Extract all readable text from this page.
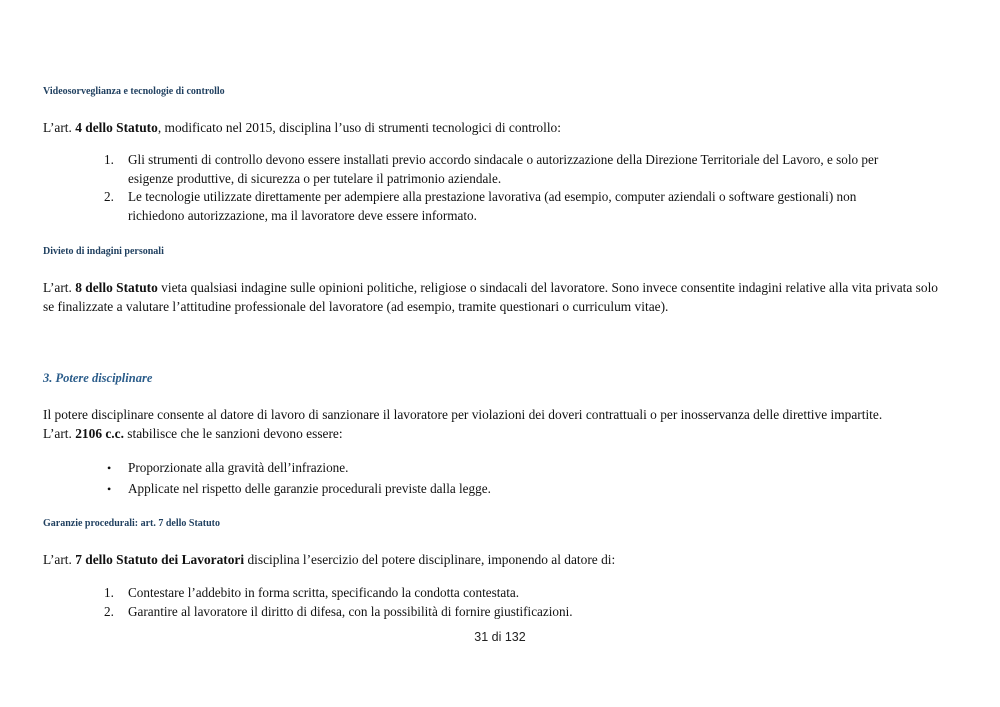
Videosorveglianza e tecnologie di controllo
L’art. 4 dello Statuto, modificato nel 2015, disciplina l’uso di strumenti tecnologici di controllo:
1.	Gli strumenti di controllo devono essere installati previo accordo sindacale o autorizzazione della Direzione Territoriale del Lavoro, e solo per esigenze produttive, di sicurezza o per tutelare il patrimonio aziendale.
2.	Le tecnologie utilizzate direttamente per adempiere alla prestazione lavorativa (ad esempio, computer aziendali o software gestionali) non richiedono autorizzazione, ma il lavoratore deve essere informato.
Divieto di indagini personali
L’art. 8 dello Statuto vieta qualsiasi indagine sulle opinioni politiche, religiose o sindacali del lavoratore. Sono invece consentite indagini relative alla vita privata solo se finalizzate a valutare l’attitudine professionale del lavoratore (ad esempio, tramite questionari o curriculum vitae).
3. Potere disciplinare
Il potere disciplinare consente al datore di lavoro di sanzionare il lavoratore per violazioni dei doveri contrattuali o per inosservanza delle direttive impartite.
L’art. 2106 c.c. stabilisce che le sanzioni devono essere:
•	Proporzionate alla gravità dell’infrazione.
•	Applicate nel rispetto delle garanzie procedurali previste dalla legge.
Garanzie procedurali: art. 7 dello Statuto
L’art. 7 dello Statuto dei Lavoratori disciplina l’esercizio del potere disciplinare, imponendo al datore di:
1.	Contestare l’addebito in forma scritta, specificando la condotta contestata.
2.	Garantire al lavoratore il diritto di difesa, con la possibilità di fornire giustificazioni.
31 di 132
